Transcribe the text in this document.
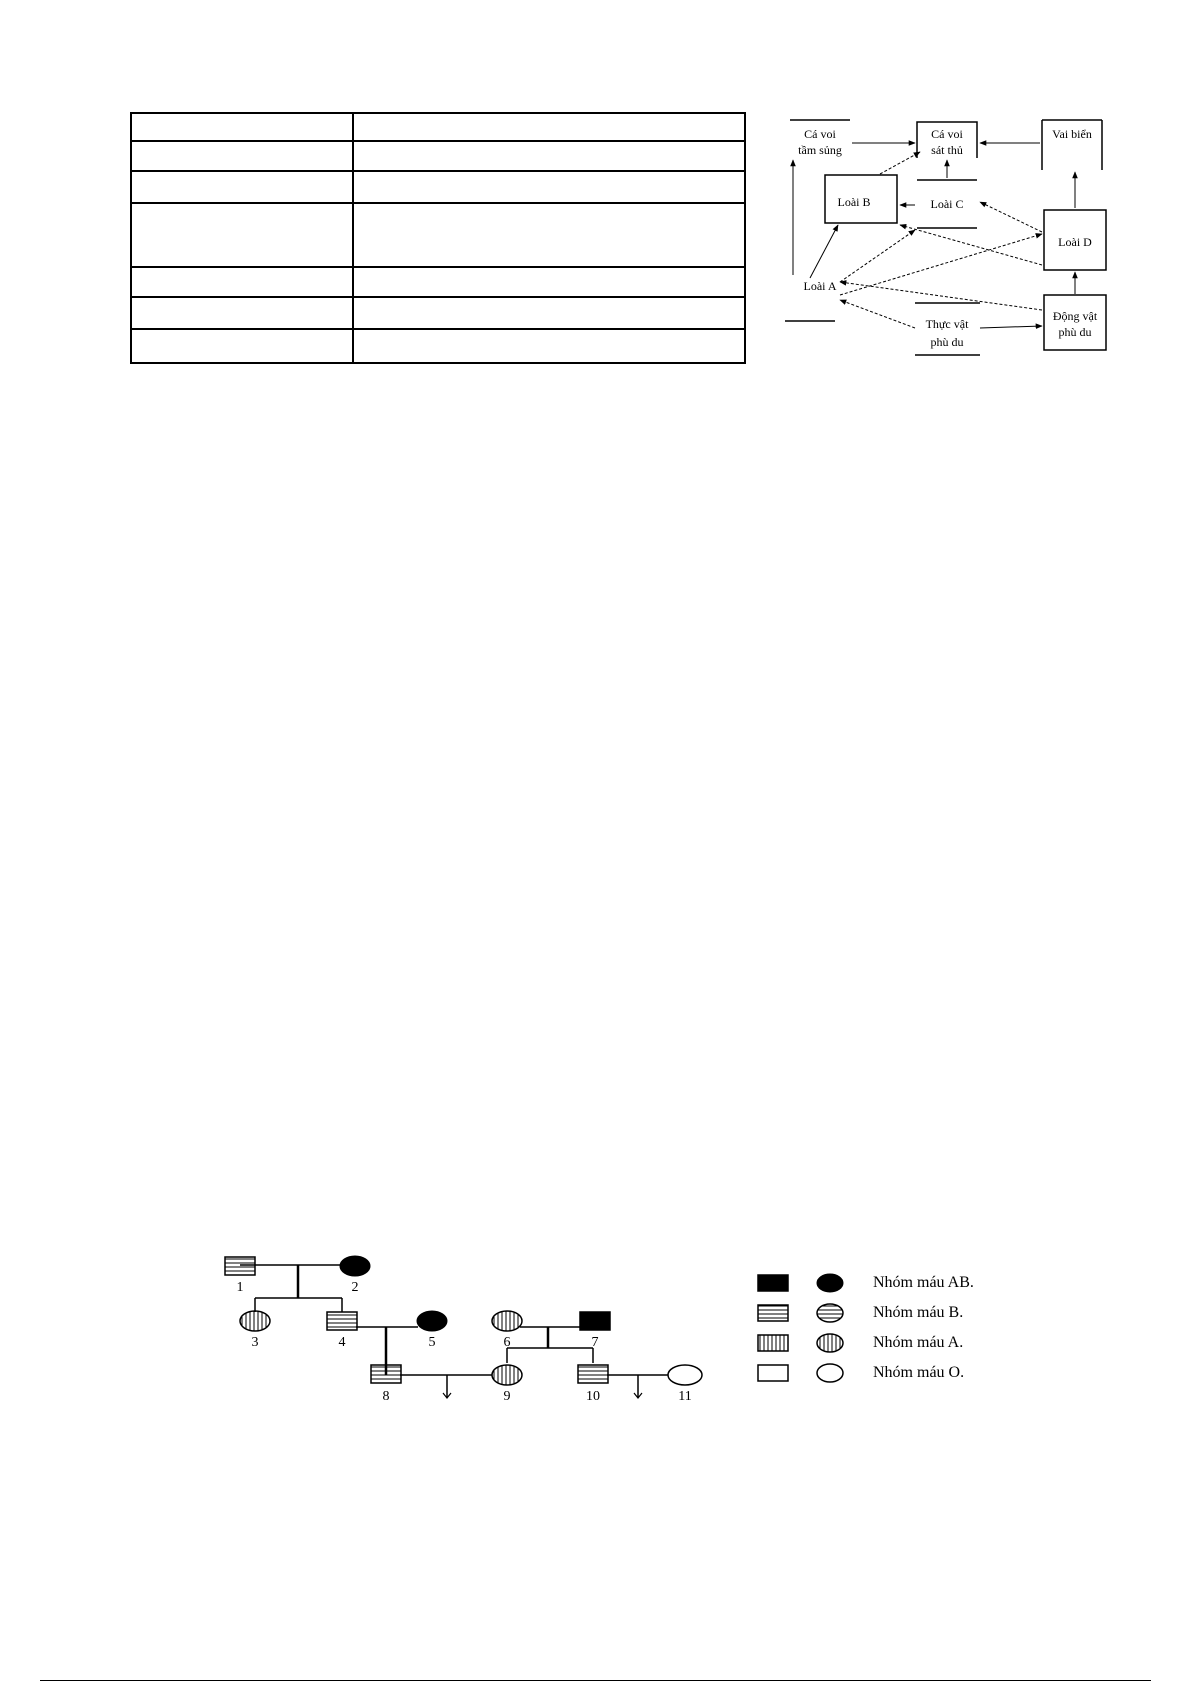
Cá voi
tầm sủng
Cá voi
sát thủ
Vai biển
Loài B	Loài C
Loài D
Loài A
Động vật
phù du
Thực vật
phù du
1	2
3	4	5	6	7
8	9	10	11
Nhóm máu AB.
Nhóm máu B.
Nhóm máu A.
Nhóm máu O.
